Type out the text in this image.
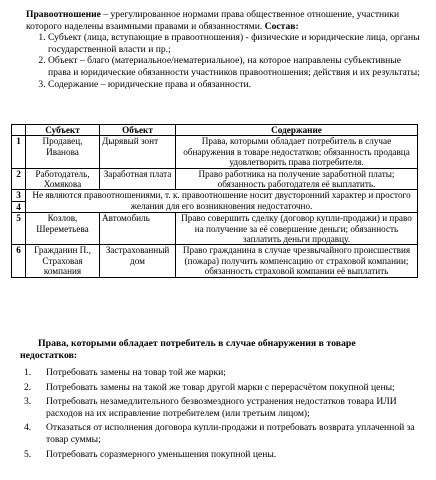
Правоотношение – урегулированное нормами права общественное отношение, участники которого наделены взаимными правами и обязанностями. Состав:

1. Субъект (лица, вступающие в правоотношения) - физические и юридические лица, органы государственной власти и пр.;
2. Объект – благо (материальное/нематериальное), на которое направлены субъективные права и юридические обязанности участников правоотношения; действия и их результаты;
3. Содержание – юридические права и обязанности.
	Субъект	Объект	Содержание
1	Продавец, Иванова	Дырявый зонт	Права, которыми обладает потребитель в случае обнаружения в товаре недостатков; обязанность продавца удовлетворить права потребителя.
2	Работодатель, Хомякова	Заработная плата	Право работника на получение заработной платы; обязанность работодателя её выплатить.
3	Не являются правоотношениями, т. к. правоотношение носит двусторонний характер и простого желания для его возникновения недостаточно.		
4			
5	Козлов, Шереметьева	Автомобиль	Право совершить сделку (договор купли-продажи) и право на получение за её совершение деньги; обязанность заплатить деньги продавцу.
6	Гражданин П., Страховая компания	Застрахованный дом	Право гражданина в случае чрезвычайного происшествия (пожара) получить компенсацию от страховой компании; обязанность страховой компании её выплатить
Права, которыми обладает потребитель в случае обнаружения в товаре
недостатков:
1. Потребовать замены на товар той же марки;
2. Потребовать замены на такой же товар другой марки с перерасчётом покупной цены;
3. Потребовать незамедлительного безвозмездного устранения недостатков товара ИЛИ расходов на их исправление потребителем (или третьим лицом);
4. Отказаться от исполнения договора купли-продажи и потребовать возврата уплаченной за товар суммы;
5. Потребовать соразмерного уменьшения покупной цены.
